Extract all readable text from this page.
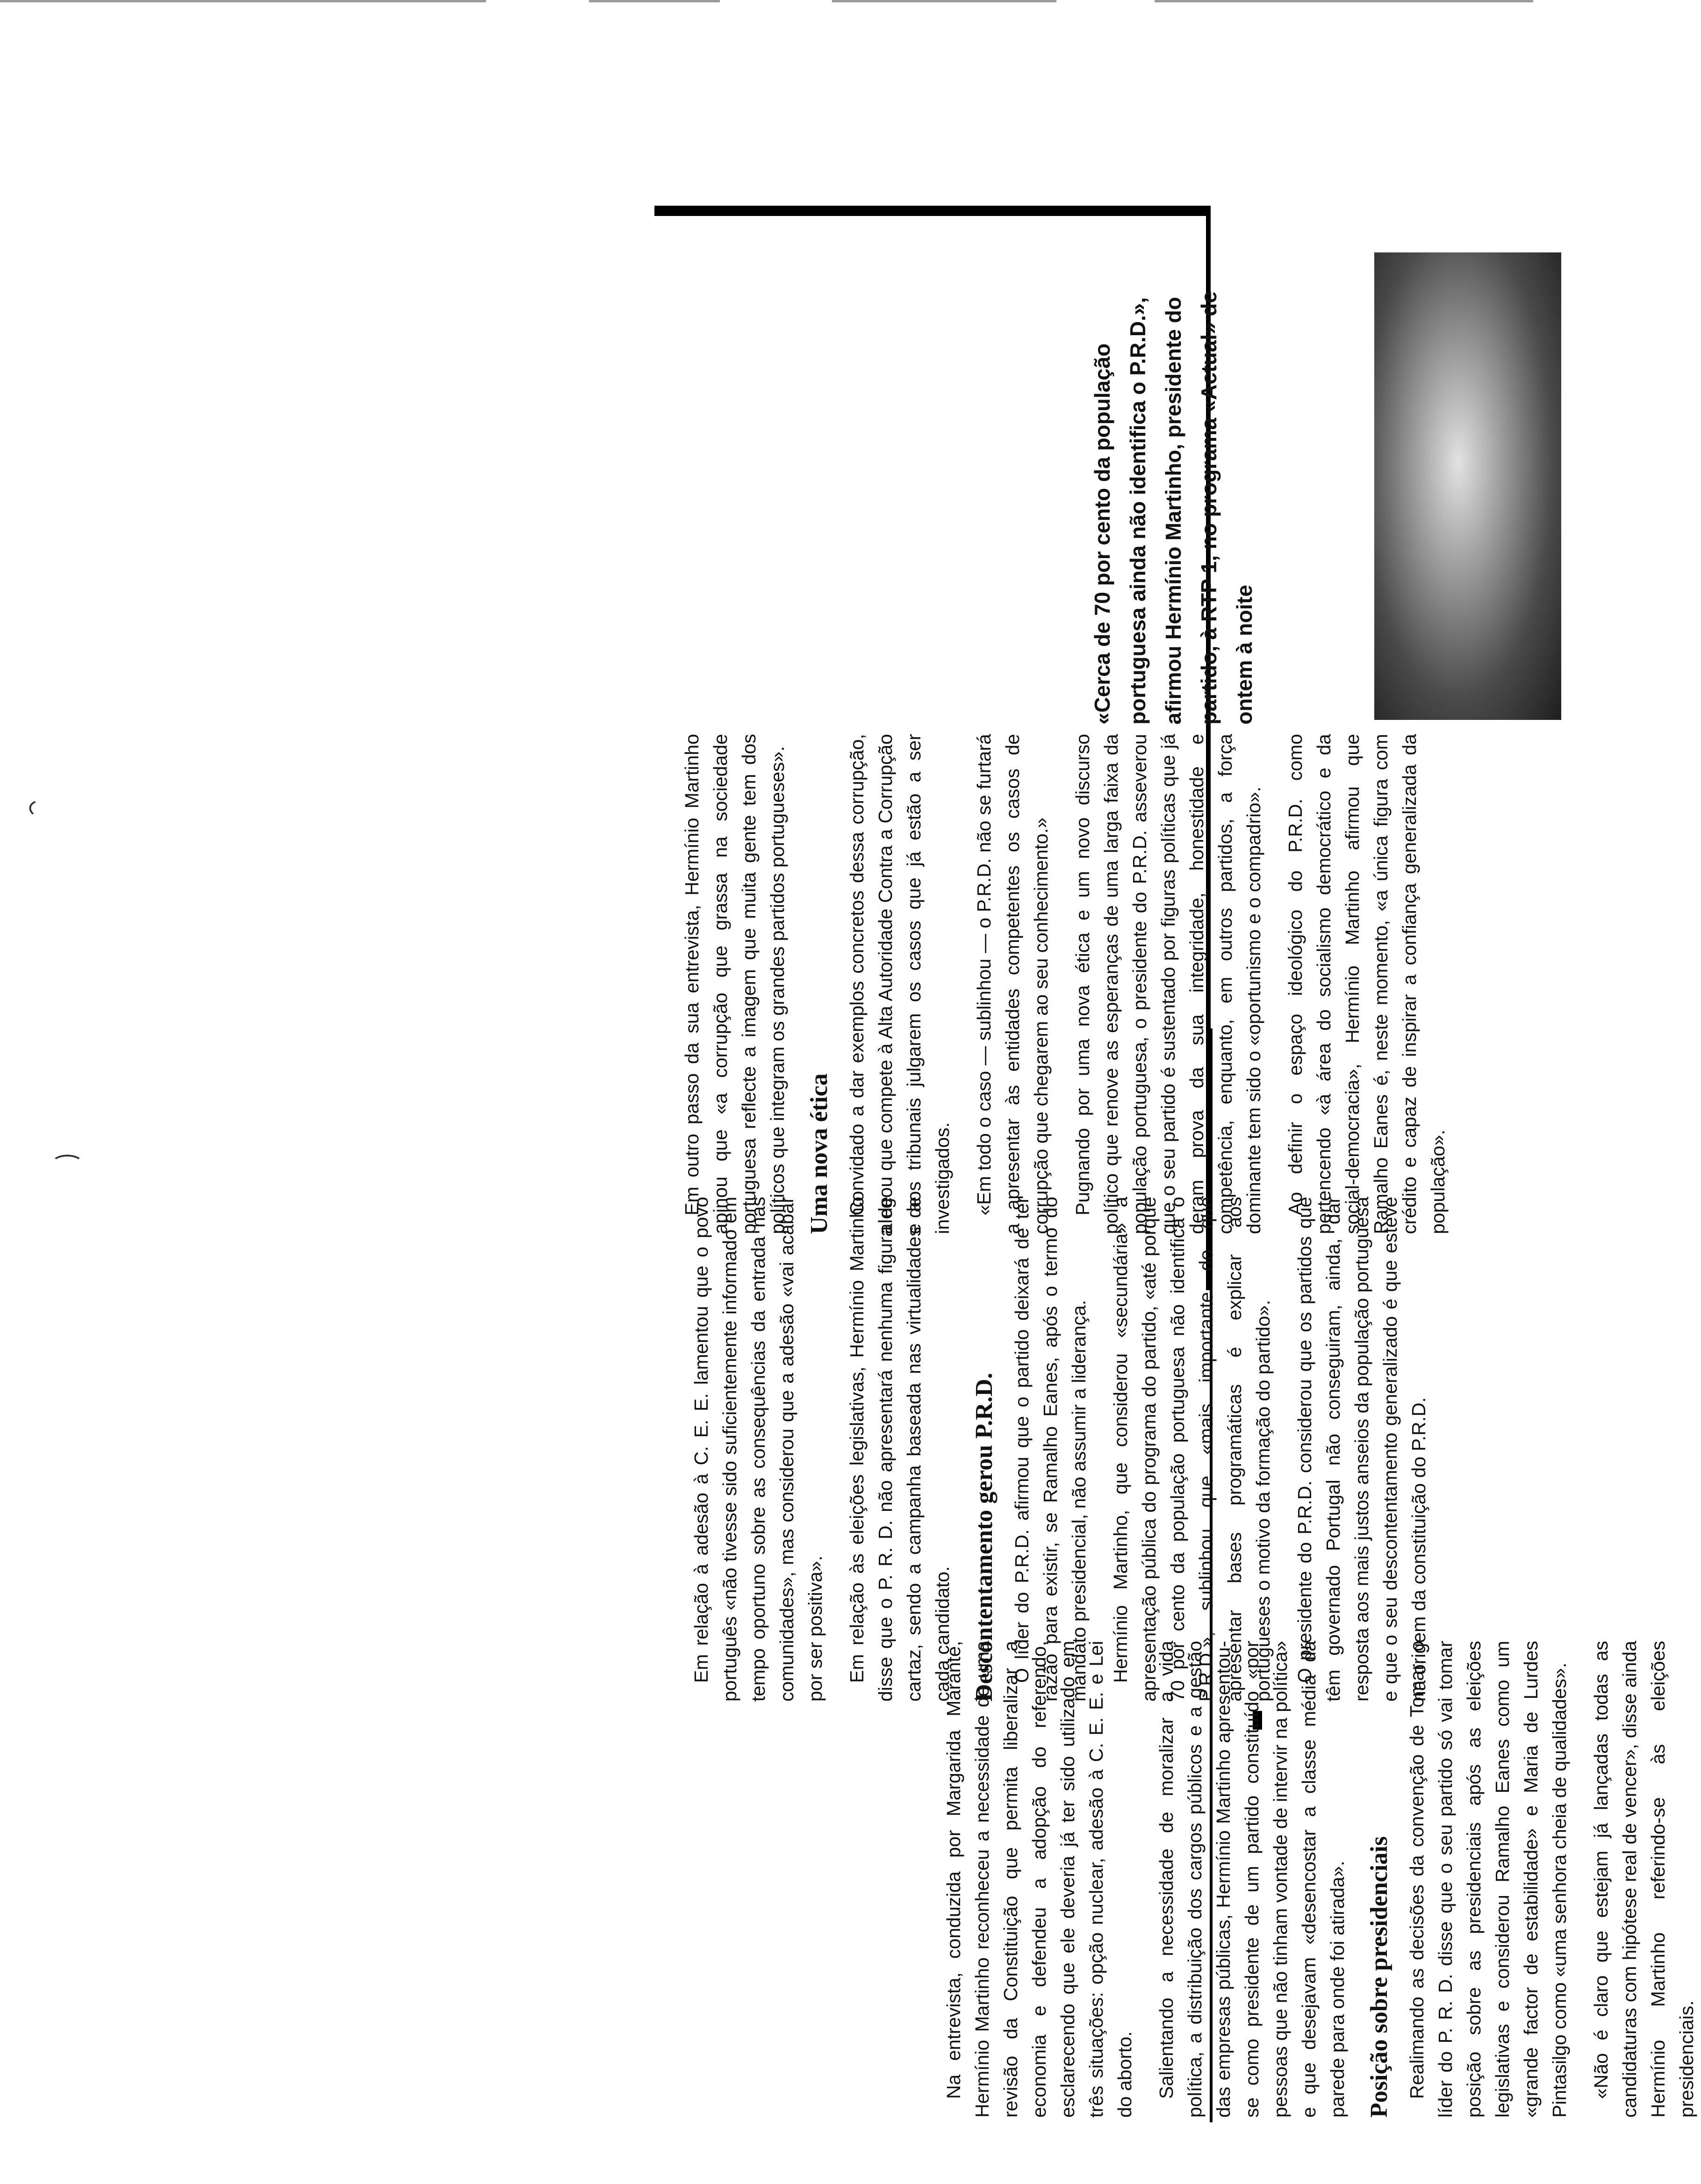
«Cerca de 70 por cento da população portuguesa ainda não identifica o P.R.D.», afirmou Hermínio Martinho, presidente do partido, à RTP 1, no programa «Actual» de ontem à noite

Na entrevista, conduzida por Margarida Marante, Hermínio Martinho reconheceu a necessidade de uma revisão da Constituição que permita liberalizar a economia e defendeu a adopção do referendo, esclarecendo que ele deveria já ter sido utilizado em três situações: opção nuclear, adesão à C. E. E. e Lei do aborto. Salientando a necessidade de moralizar a vida política, a distribuição dos cargos públicos e a gestão das empresas públicas, Hermínio Martinho apresentou-se como presidente de um partido constituído «por pessoas que não tinham vontade de intervir na política» e que desejavam «desencostar a classe média da parede para onde foi atirada». Posição sobre presidenciais Realimando as decisões da convenção de Tomar, o líder do P. R. D. disse que o seu partido só vai tomar posição sobre as presidenciais após as eleições legislativas e considerou Ramalho Eanes como um «grande factor de estabilidade» e Maria de Lurdes Pintasilgo como «uma senhora cheia de qualidades». «Não é claro que estejam já lançadas todas as candidaturas com hipótese real de vencer», disse ainda Hermínio Martinho referindo-se às eleições presidenciais.

Em relação à adesão à C. E. E. lamentou que o povo português «não tivesse sido suficientemente informado em tempo oportuno sobre as consequências da entrada nas comunidades», mas considerou que a adesão «vai acabar por ser positiva». Em relação às eleições legislativas, Hermínio Martinho disse que o P. R. D. não apresentará nenhuma figura de cartaz, sendo a campanha baseada nas virtualidades de cada candidato. Descontentamento gerou P.R.D. O líder do P.R.D. afirmou que o partido deixará de ter razão para existir, se Ramalho Eanes, após o termo do mandato presidencial, não assumir a liderança. Hermínio Martinho, que considerou «secundária» a apresentação pública do programa do partido, «até porque 70 por cento da população portuguesa não identifica o P.R.D.», sublinhou que «mais importante do que apresentar bases programáticas é explicar aos portugueses o motivo da formação do partido». O presidente do P.R.D. considerou que os partidos que têm governado Portugal não conseguiram, ainda, dar resposta aos mais justos anseios da população portuguesa e que o seu descontentamento generalizado é que esteve na origem da constituição do P.R.D.

Em outro passo da sua entrevista, Hermínio Martinho apinou que «a corrupção que grassa na sociedade portuguesa reflecte a imagem que muita gente tem dos políticos que integram os grandes partidos portugueses». Uma nova ética Convidado a dar exemplos concretos dessa corrupção, alegou que compete à Alta Autoridade Contra a Corrupção e aos tribunais julgarem os casos que já estão a ser investigados. «Em todo o caso — sublinhou — o P.R.D. não se furtará a apresentar às entidades competentes os casos de corrupção que chegarem ao seu conhecimento.» Pugnando por uma nova ética e um novo discurso político que renove as esperanças de uma larga faixa da população portuguesa, o presidente do P.R.D. asseverou que o seu partido é sustentado por figuras políticas que já deram prova da sua integridade, honestidade e competência, enquanto, em outros partidos, a força dominante tem sido o «oportunismo e o compadrio». Ao definir o espaço ideológico do P.R.D. como pertencendo «à área do socialismo democrático e da social-democracia», Hermínio Martinho afirmou que Ramalho Eanes é, neste momento, «a única figura com crédito e capaz de inspirar a confiança generalizada da população».
